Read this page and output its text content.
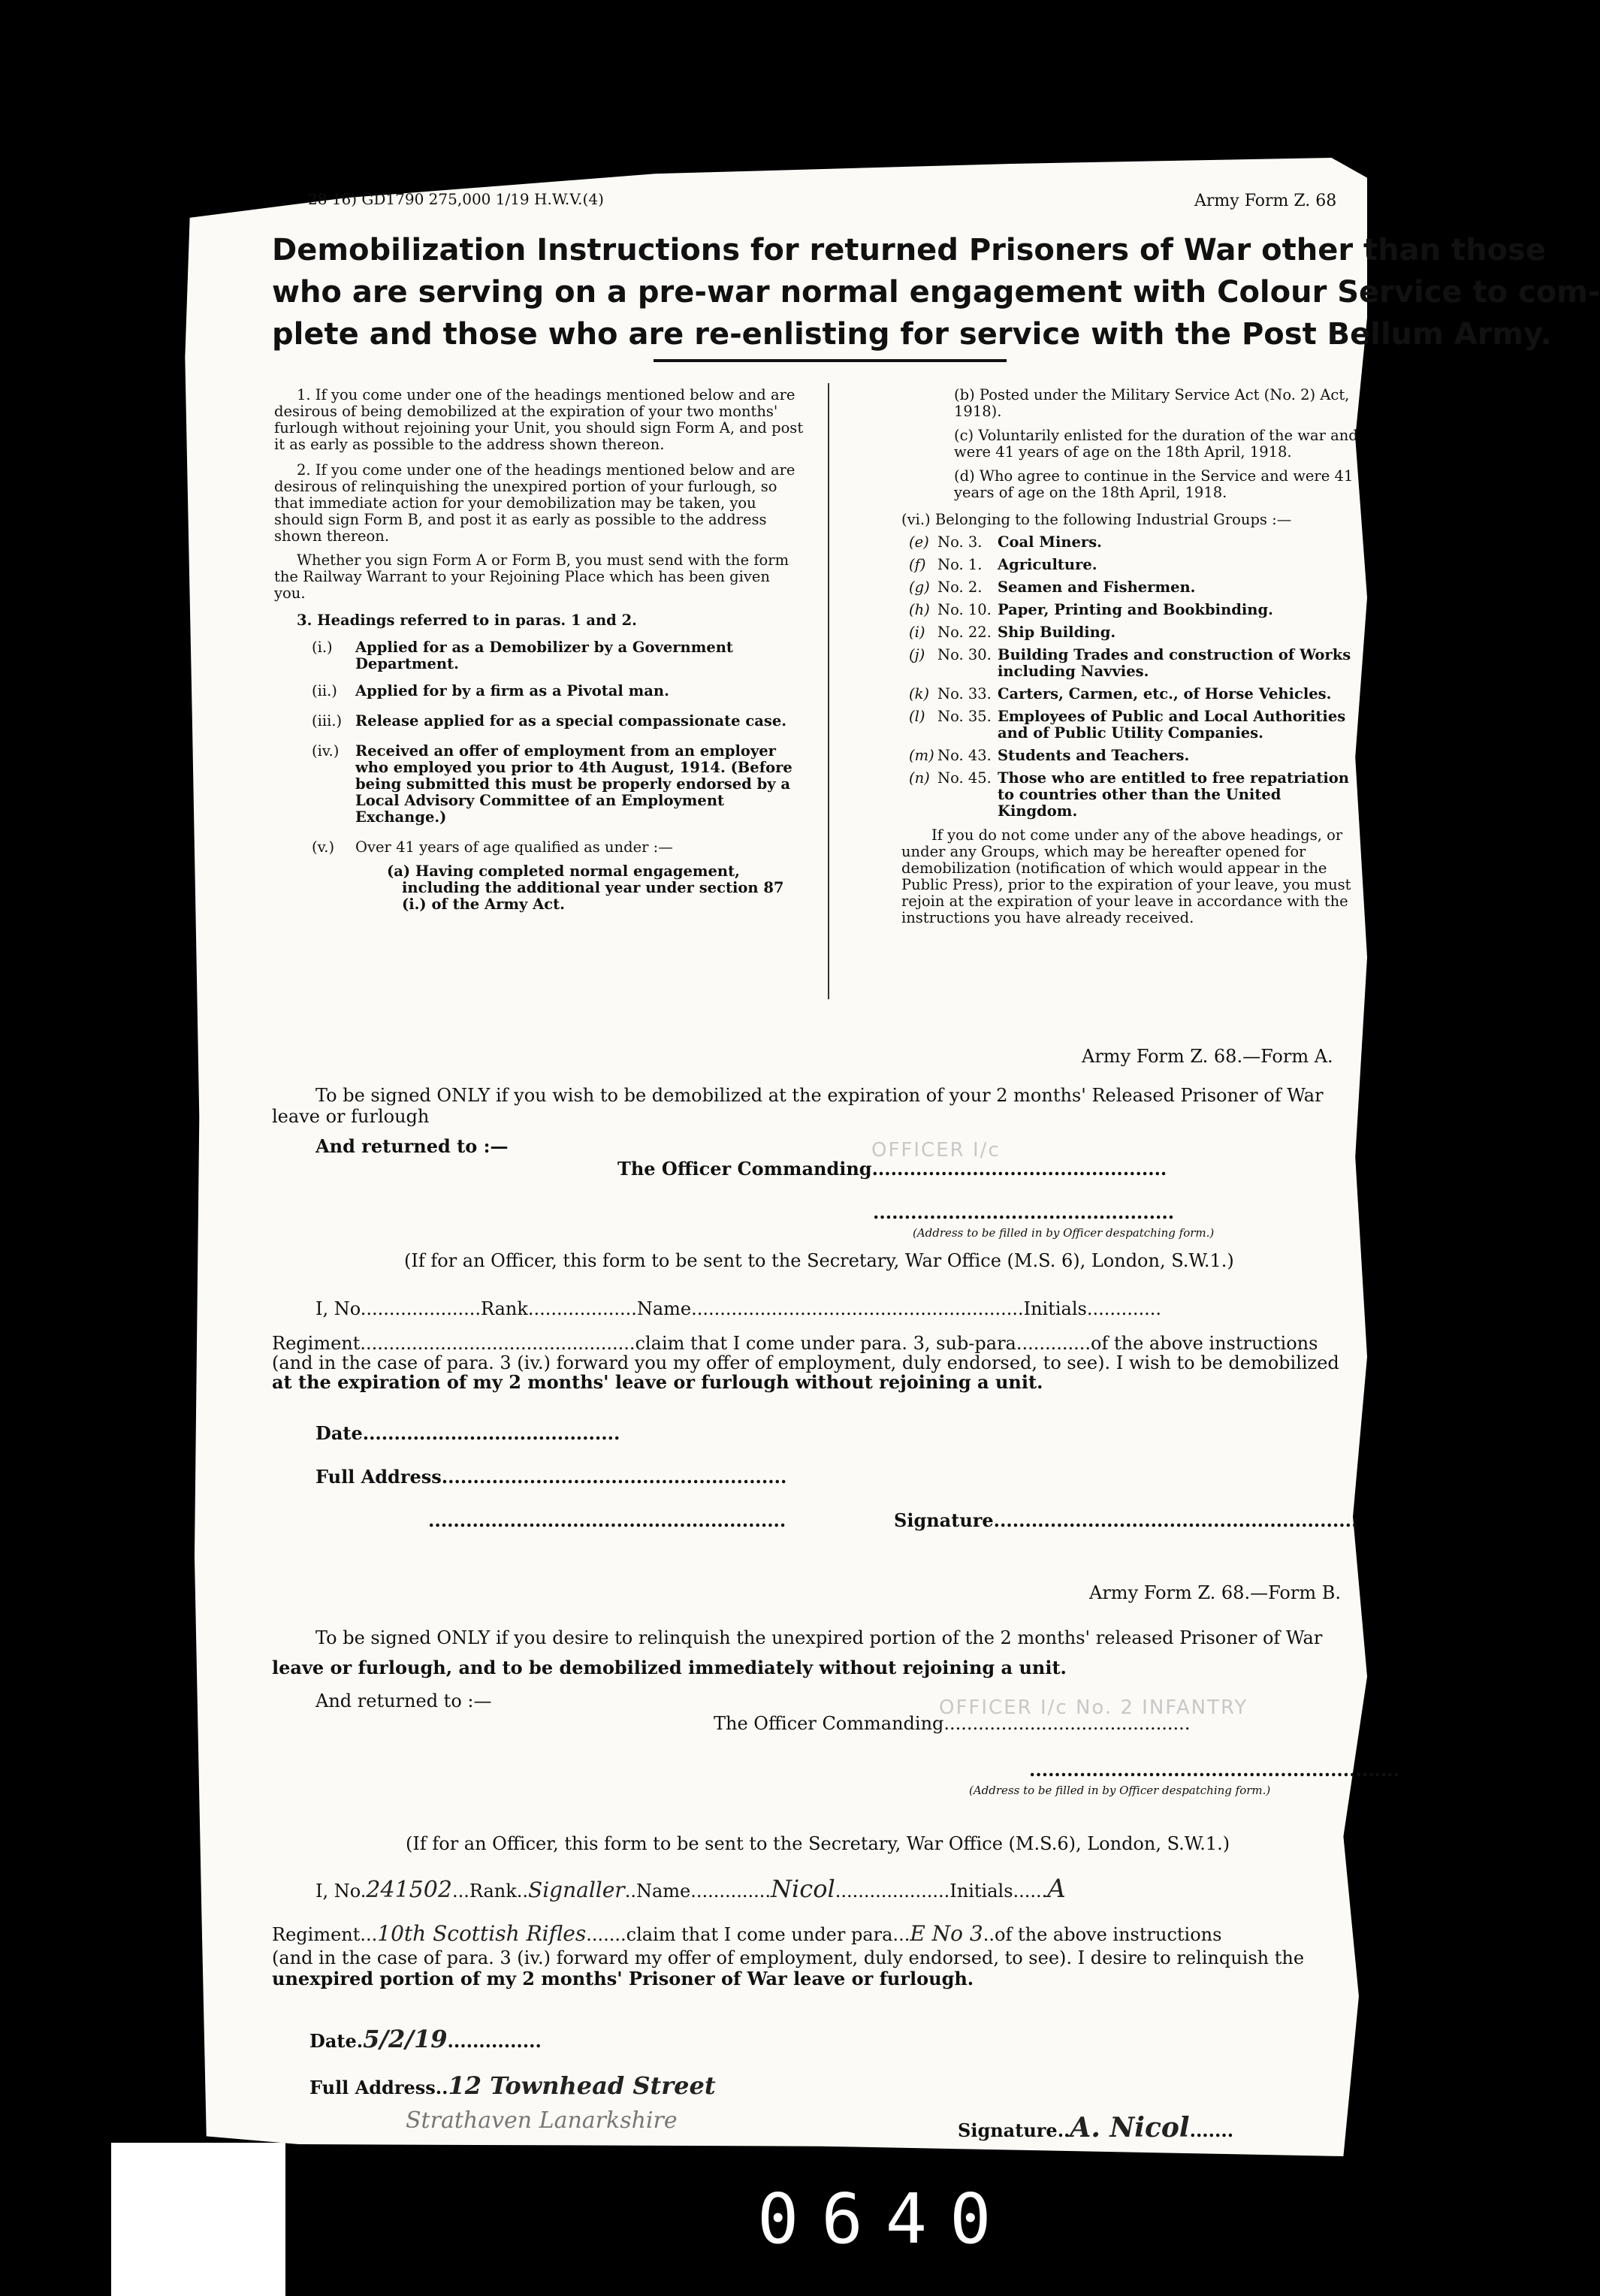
28 16) GD1790 275,000 1/19 H.W.V.(4)	Army Form Z. 68
Demobilization Instructions for returned Prisoners of War other than those
who are serving on a pre-war normal engagement with Colour Service to com-
plete and those who are re-enlisting for service with the Post Bellum Army.

1. If you come under one of the headings mentioned below and are desirous of being demobilized at the expiration of your two months' furlough without rejoining your Unit, you should sign Form A, and post it as early as possible to the address shown thereon.

2. If you come under one of the headings mentioned below and are desirous of relinquishing the unexpired portion of your furlough, so that immediate action for your demobilization may be taken, you should sign Form B, and post it as early as possible to the address shown thereon.

Whether you sign Form A or Form B, you must send with the form the Railway Warrant to your Rejoining Place which has been given you.

3. Headings referred to in paras. 1 and 2.

(i.)	Applied for as a Demobilizer by a Government Department.
(ii.)	Applied for by a firm as a Pivotal man.
(iii.) Release applied for as a special compassionate case.
(iv.)	Received an offer of employment from an employer who employed you prior to 4th August, 1914. (Before being submitted this must be properly endorsed by a Local Advisory Committee of an Employment Exchange.)
(v.)	Over 41 years of age qualified as under :—

(a) Having completed normal engagement, including the additional year under section 87 (i.) of the Army Act.

(b) Posted under the Military Service Act (No. 2) Act, 1918).

(c) Voluntarily enlisted for the duration of the war and were 41 years of age on the 18th April, 1918.

(d) Who agree to continue in the Service and were 41 years of age on the 18th April, 1918.

(vi.) Belonging to the following Industrial Groups :—

(e) No. 3.	Coal Miners.
(f) No. 1.	Agriculture.
(g) No. 2.	Seamen and Fishermen.
(h) No. 10. Paper, Printing and Bookbinding.
(i) No. 22. Ship Building.
(j) No. 30. Building Trades and construction of Works including Navvies.
(k) No. 33. Carters, Carmen, etc., of Horse Vehicles.
(l) No. 35. Employees of Public and Local Authorities and of Public Utility Companies.
(m) No. 43. Students and Teachers.
(n) No. 45. Those who are entitled to free repatriation to countries other than the United Kingdom.

If you do not come under any of the above headings, or under any Groups, which may be hereafter opened for demobilization (notification of which would appear in the Public Press), prior to the expiration of your leave, you must rejoin at the expiration of your leave in accordance with the instructions you have already received.

Army Form Z. 68.—Form A.
To be signed ONLY if you wish to be demobilized at the expiration of your 2 months' Released Prisoner of War
leave or furlough
And returned to :—
The Officer Commanding...............................................
OFFICER I/c
................................................
(Address to be filled in by Officer despatching form.)
(If for an Officer, this form to be sent to the Secretary, War Office (M.S. 6), London, S.W.1.)
I, No.....................Rank...................Name..........................................................Initials.............
Regiment................................................claim that I come under para. 3, sub-para.............of the above instructions
(and in the case of para. 3 (iv.) forward you my offer of employment, duly endorsed, to see). I wish to be demobilized
at the expiration of my 2 months' leave or furlough without rejoining a unit.
Date.........................................
Full Address.......................................................
.........................................................	Signature..........................................................
Army Form Z. 68.—Form B.
To be signed ONLY if you desire to relinquish the unexpired portion of the 2 months' released Prisoner of War
leave or furlough, and to be demobilized immediately without rejoining a unit.
And returned to :—
The Officer Commanding...........................................
OFFICER I/c No. 2 INFANTRY
...........................................................
(Address to be filled in by Officer despatching form.)
(If for an Officer, this form to be sent to the Secretary, War Office (M.S.6), London, S.W.1.)
I, No.241502...Rank..Signaller..Name..............Nicol....................Initials......A
Regiment...10th Scottish Rifles.......claim that I come under para...E No 3..of the above instructions
(and in the case of para. 3 (iv.) forward my offer of employment, duly endorsed, to see). I desire to relinquish the
unexpired portion of my 2 months' Prisoner of War leave or furlough.
Date.5/2/19...............
Full Address..12 Townhead Street
Strathaven Lanarkshire	Signature..A. Nicol.......
0640
